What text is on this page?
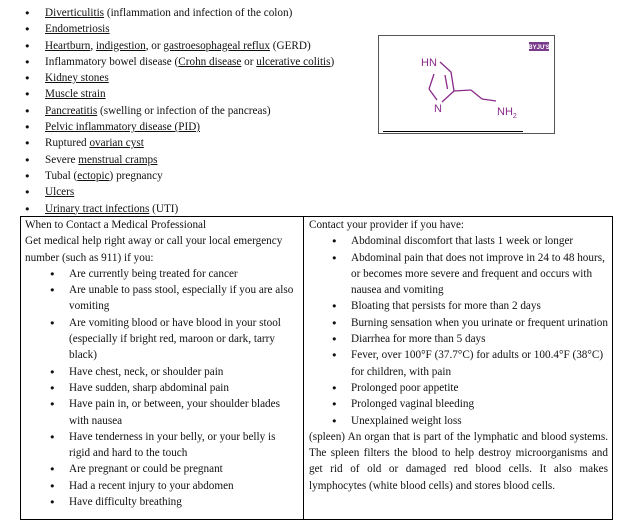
● Diverticulitis (inflammation and infection of the colon)
● Endometriosis
● Heartburn, indigestion, or gastroesophageal reflux (GERD)
● Inflammatory bowel disease (Crohn disease or ulcerative colitis)
● Kidney stones
● Muscle strain
● Pancreatitis (swelling or infection of the pancreas)
● Pelvic inflammatory disease (PID)
● Ruptured ovarian cyst
● Severe menstrual cramps
● Tubal (ectopic) pregnancy
● Ulcers
● Urinary tract infections (UTI)
BYJU'S
HN
N	$NH_2$

When to Contact a Medical Professional

Get medical help right away or call your local emergency number (such as 911) if you:

● Are currently being treated for cancer
● Are unable to pass stool, especially if you are also vomiting
● Are vomiting blood or have blood in your stool (especially if bright red, maroon or dark, tarry black)
● Have chest, neck, or shoulder pain
● Have sudden, sharp abdominal pain
● Have pain in, or between, your shoulder blades with nausea
● Have tenderness in your belly, or your belly is rigid and hard to the touch
● Are pregnant or could be pregnant
● Had a recent injury to your abdomen
● Have difficulty breathing

Contact your provider if you have:

● Abdominal discomfort that lasts 1 week or longer
● Abdominal pain that does not improve in 24 to 48 hours, or becomes more severe and frequent and occurs with nausea and vomiting
● Bloating that persists for more than 2 days
● Burning sensation when you urinate or frequent urination
● Diarrhea for more than 5 days
● Fever, over 100°F (37.7°C) for adults or 100.4°F (38°C) for children, with pain
● Prolonged poor appetite
● Prolonged vaginal bleeding
● Unexplained weight loss

(spleen) An organ that is part of the lymphatic and blood systems. The spleen filters the blood to help destroy microorganisms and get rid of old or damaged red blood cells. It also makes lymphocytes (white blood cells) and stores blood cells.
